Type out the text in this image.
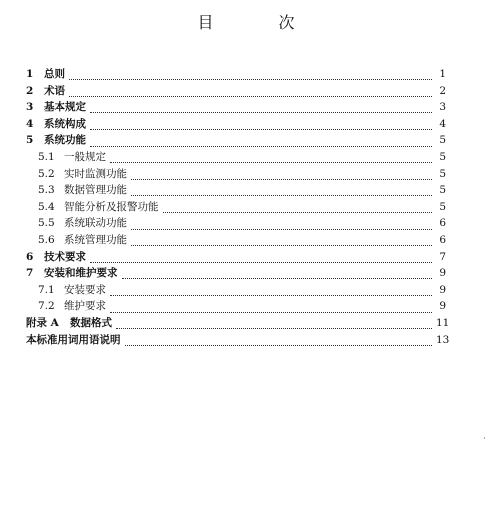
目 次
1	总则	1
2	术语	2
3	基本规定	3
4	系统构成	4
5	系统功能	5
5.1 一般规定	5
5.2 实时监测功能	5
5.3 数据管理功能	5
5.4 智能分析及报警功能	5
5.5 系统联动功能	6
5.6 系统管理功能	6
6	技术要求	7
7	安装和维护要求	9
7.1 安装要求	9
7.2 维护要求	9
附录 A	数据格式	11
本标准用词用语说明	13
